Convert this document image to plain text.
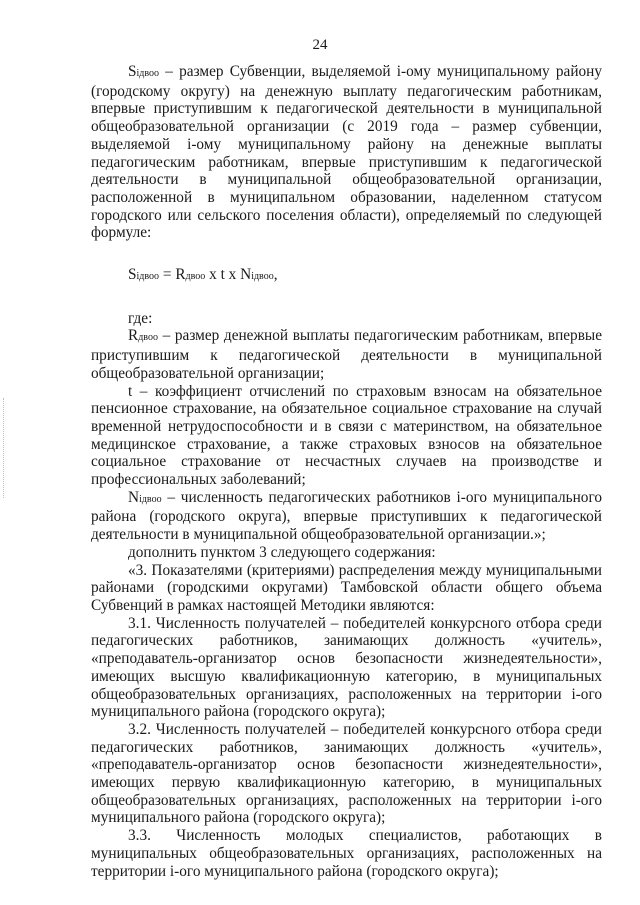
24

Siдвоо – размер Субвенции, выделяемой i-ому муниципальному району (городскому округу) на денежную выплату педагогическим работникам, впервые приступившим к педагогической деятельности в муниципальной общеобразовательной организации (с 2019 года – размер субвенции, выделяемой i-ому муниципальному району на денежные выплаты педагогическим работникам, впервые приступившим к педагогической деятельности в муниципальной общеобразовательной организации, расположенной в муниципальном образовании, наделенном статусом городского или сельского поселения области), определяемый по следующей формуле:

Siдвоо = Rдвоо x t x Niдвоо,

где:

Rдвоо – размер денежной выплаты педагогическим работникам, впервые приступившим к педагогической деятельности в муниципальной общеобразовательной организации;

t – коэффициент отчислений по страховым взносам на обязательное пенсионное страхование, на обязательное социальное страхование на случай временной нетрудоспособности и в связи с материнством, на обязательное медицинское страхование, а также страховых взносов на обязательное социальное страхование от несчастных случаев на производстве и профессиональных заболеваний;

Niдвоо – численность педагогических работников i-ого муниципального района (городского округа), впервые приступивших к педагогической деятельности в муниципальной общеобразовательной организации.»;

дополнить пунктом 3 следующего содержания:

«3. Показателями (критериями) распределения между муниципальными районами (городскими округами) Тамбовской области общего объема Субвенций в рамках настоящей Методики являются:

3.1. Численность получателей – победителей конкурсного отбора среди педагогических работников, занимающих должность «учитель», «преподаватель-организатор основ безопасности жизнедеятельности», имеющих высшую квалификационную категорию, в муниципальных общеобразовательных организациях, расположенных на территории i-ого муниципального района (городского округа);

3.2. Численность получателей – победителей конкурсного отбора среди педагогических работников, занимающих должность «учитель», «преподаватель-организатор основ безопасности жизнедеятельности», имеющих первую квалификационную категорию, в муниципальных общеобразовательных организациях, расположенных на территории i-ого муниципального района (городского округа);

3.3. Численность молодых специалистов, работающих в муниципальных общеобразовательных организациях, расположенных на территории i-ого муниципального района (городского округа);
